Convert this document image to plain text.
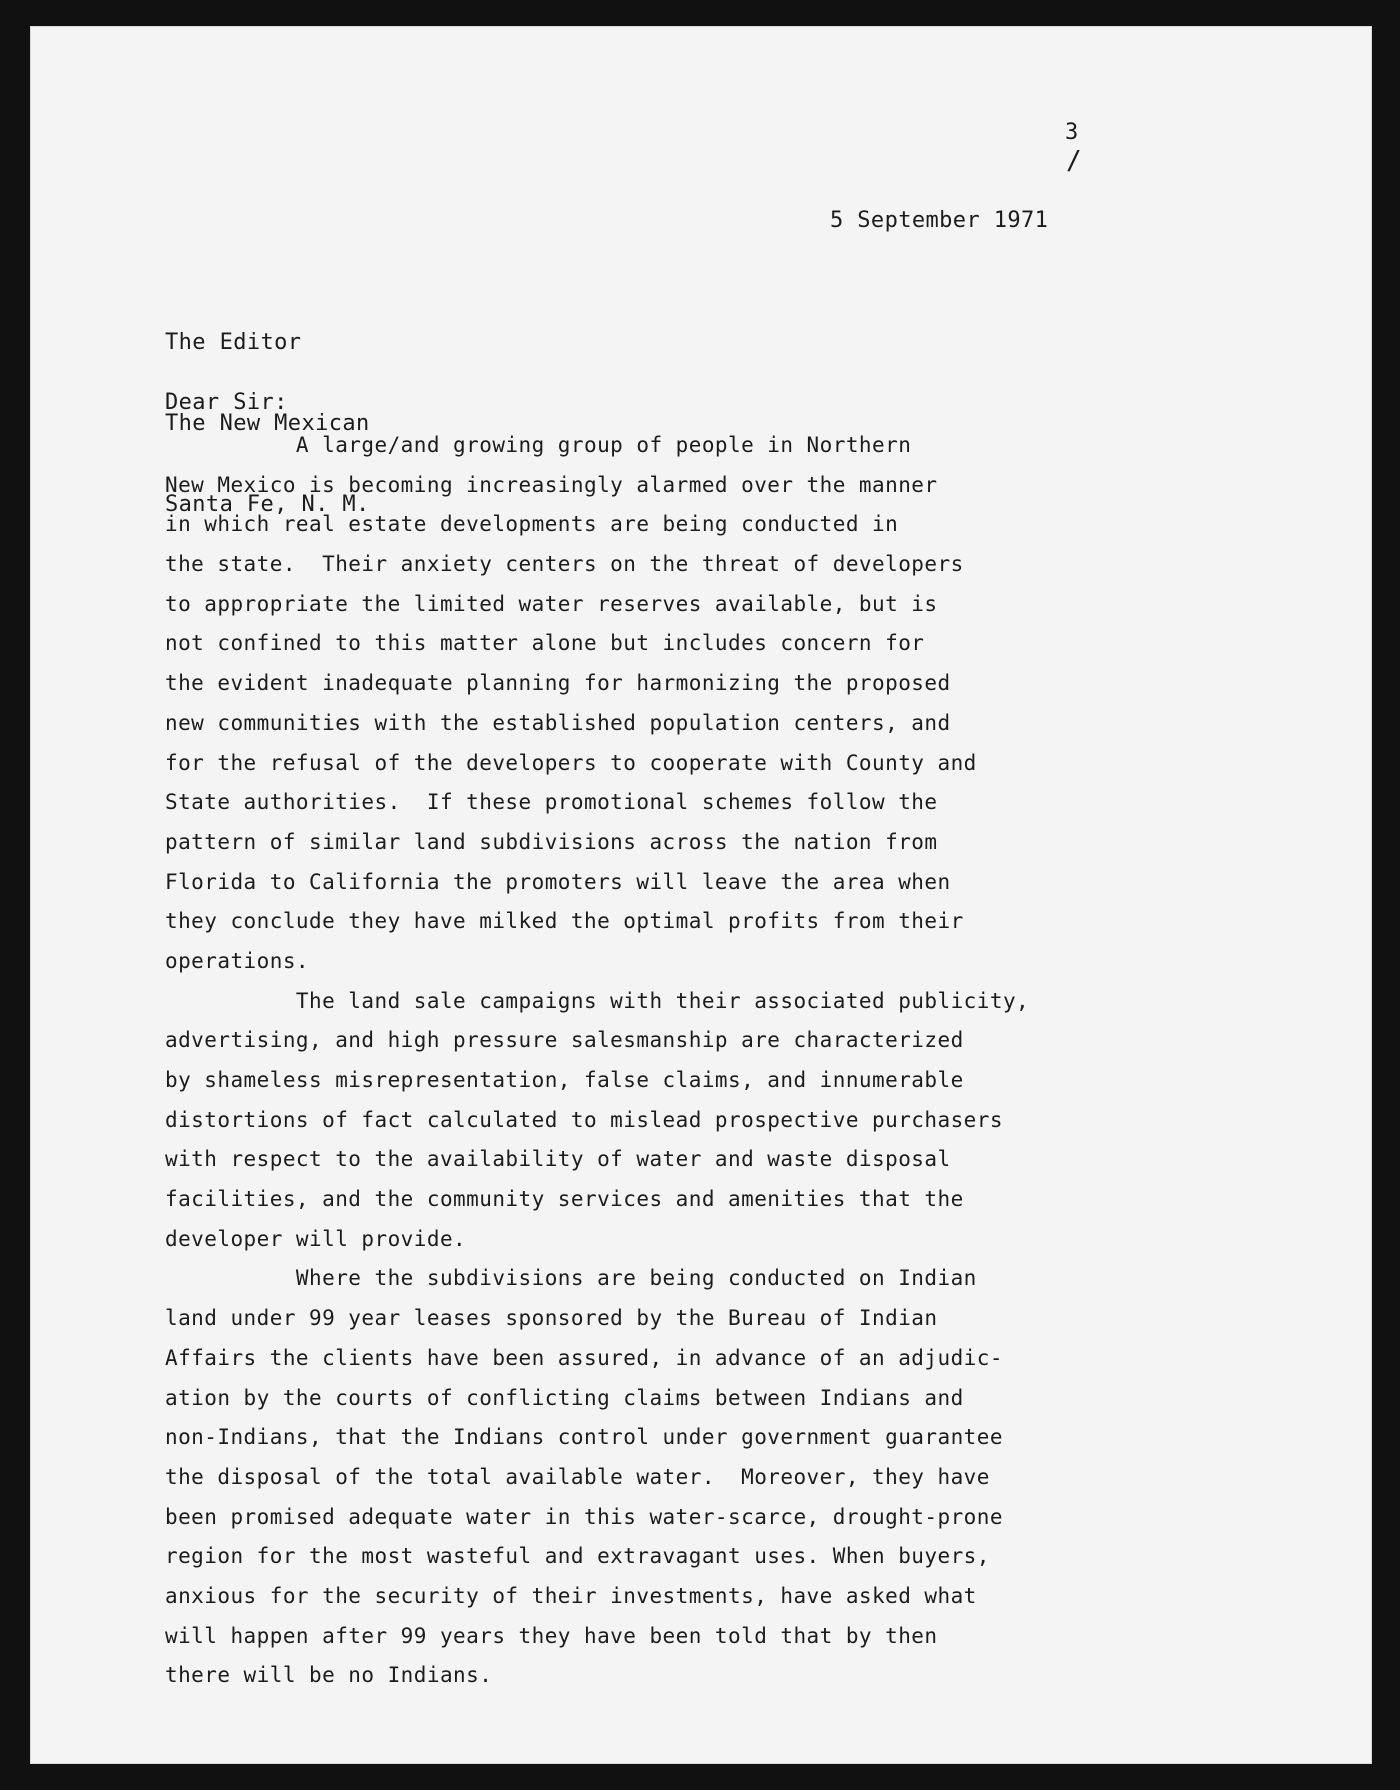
3
/
5 September 1971

The Editor

The New Mexican

Santa Fe, N. M.

Dear Sir:
A large/and growing group of people in Northern
New Mexico is becoming increasingly alarmed over the manner
in which real estate developments are being conducted in
the state.  Their anxiety centers on the threat of developers
to appropriate the limited water reserves available, but is
not confined to this matter alone but includes concern for
the evident inadequate planning for harmonizing the proposed
new communities with the established population centers, and
for the refusal of the developers to cooperate with County and
State authorities.  If these promotional schemes follow the
pattern of similar land subdivisions across the nation from
Florida to California the promoters will leave the area when
they conclude they have milked the optimal profits from their
operations.
The land sale campaigns with their associated publicity,
advertising, and high pressure salesmanship are characterized
by shameless misrepresentation, false claims, and innumerable
distortions of fact calculated to mislead prospective purchasers
with respect to the availability of water and waste disposal
facilities, and the community services and amenities that the
developer will provide.
Where the subdivisions are being conducted on Indian
land under 99 year leases sponsored by the Bureau of Indian
Affairs the clients have been assured, in advance of an adjudic-
ation by the courts of conflicting claims between Indians and
non-Indians, that the Indians control under government guarantee
the disposal of the total available water.  Moreover, they have
been promised adequate water in this water-scarce, drought-prone
region for the most wasteful and extravagant uses. When buyers,
anxious for the security of their investments, have asked what
will happen after 99 years they have been told that by then
there will be no Indians.
